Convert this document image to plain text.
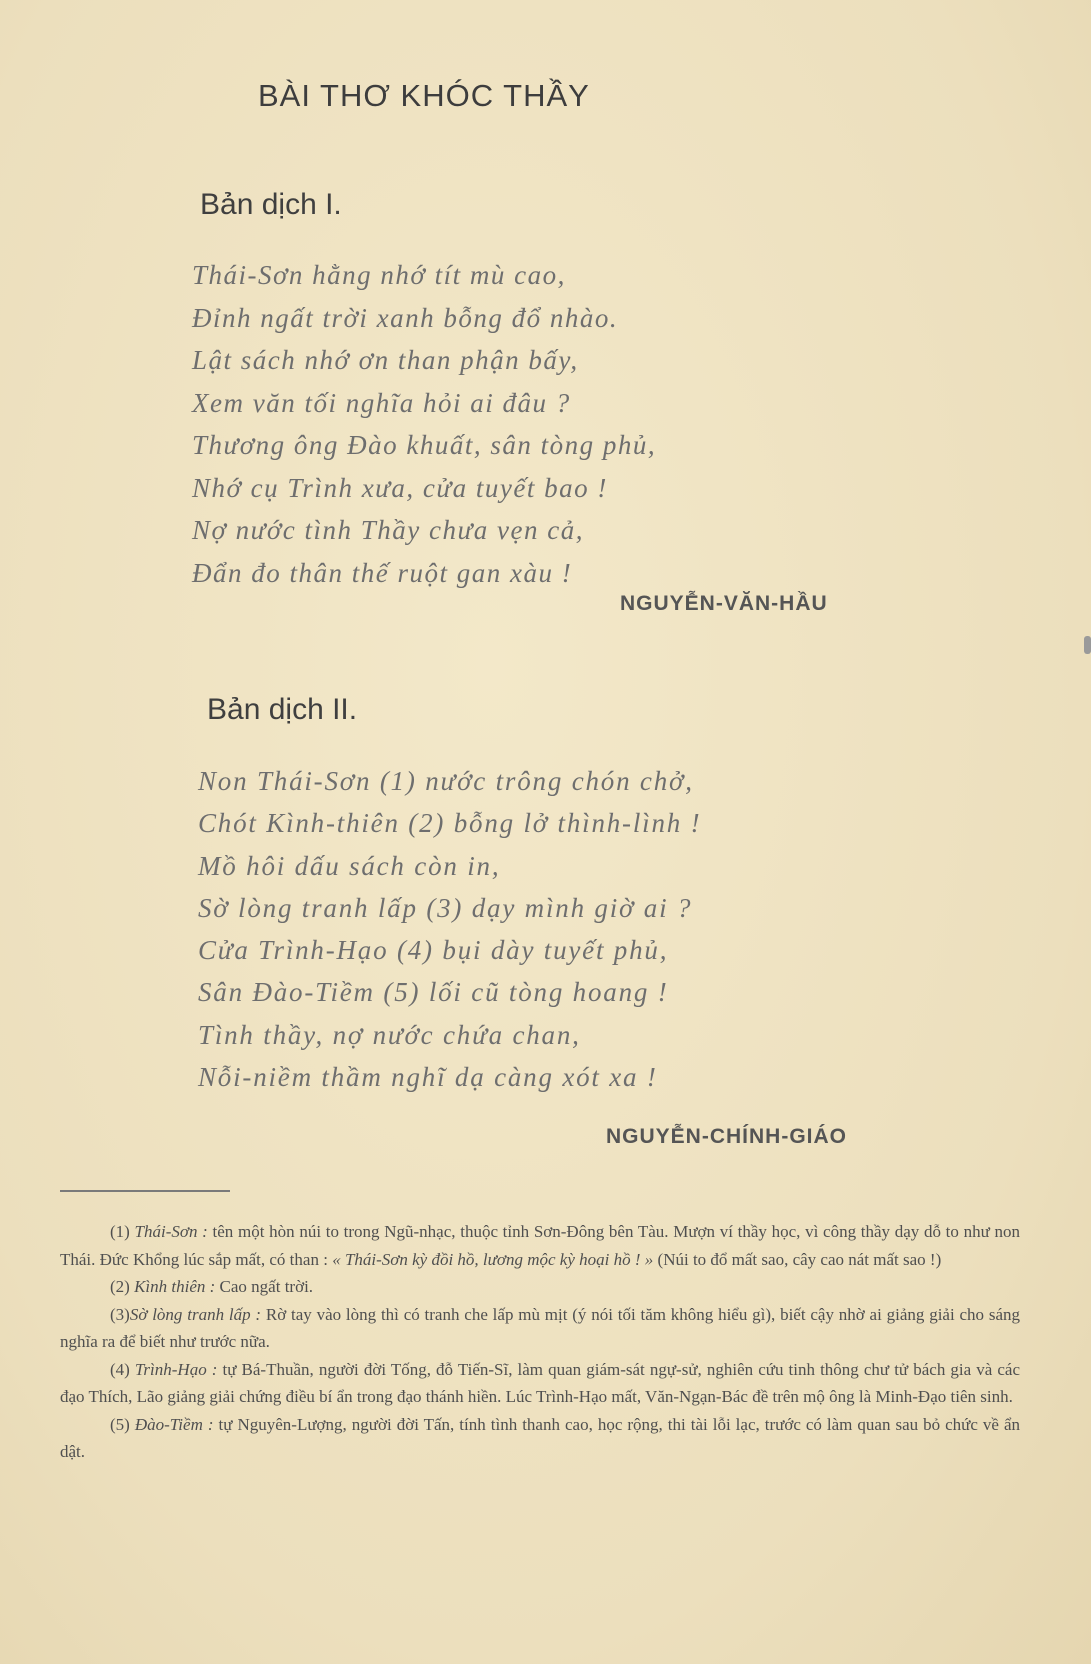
BÀI THƠ KHÓC THẦY
Bản dịch I.
Thái-Sơn hằng nhớ tít mù cao,
Đỉnh ngất trời xanh bỗng đổ nhào.
Lật sách nhớ ơn than phận bấy,
Xem văn tối nghĩa hỏi ai đâu ?
Thương ông Đào khuất, sân tòng phủ,
Nhớ cụ Trình xưa, cửa tuyết bao !
Nợ nước tình Thầy chưa vẹn cả,
Đẩn đo thân thế ruột gan xàu !
NGUYỄN-VĂN-HẦU
Bản dịch II.
Non Thái-Sơn (1) nước trông chón chở,
Chót Kình-thiên (2) bỗng lở thình-lình !
Mồ hôi dấu sách còn in,
Sờ lòng tranh lấp (3) dạy mình giờ ai ?
Cửa Trình-Hạo (4) bụi dày tuyết phủ,
Sân Đào-Tiềm (5) lối cũ tòng hoang !
Tình thầy, nợ nước chứa chan,
Nỗi-niềm thầm nghĩ dạ càng xót xa !
NGUYỄN-CHÍNH-GIÁO

(1) Thái-Sơn : tên một hòn núi to trong Ngũ-nhạc, thuộc tỉnh Sơn-Đông bên Tàu. Mượn ví thầy học, vì công thầy dạy dỗ to như non Thái. Đức Khổng lúc sắp mất, có than : « Thái-Sơn kỳ đồi hồ, lương mộc kỳ hoại hồ ! » (Núi to đổ mất sao, cây cao nát mất sao !)

(2) Kình thiên : Cao ngất trời.

(3)Sờ lòng tranh lấp : Rờ tay vào lòng thì có tranh che lấp mù mịt (ý nói tối tăm không hiểu gì), biết cậy nhờ ai giảng giải cho sáng nghĩa ra để biết như trước nữa.

(4) Trình-Hạo : tự Bá-Thuần, người đời Tống, đỗ Tiến-Sĩ, làm quan giám-sát ngự-sử, nghiên cứu tinh thông chư tử bách gia và các đạo Thích, Lão giảng giải chứng điều bí ẩn trong đạo thánh hiền. Lúc Trình-Hạo mất, Văn-Ngạn-Bác đề trên mộ ông là Minh-Đạo tiên sinh.

(5) Đào-Tiềm : tự Nguyên-Lượng, người đời Tấn, tính tình thanh cao, học rộng, thi tài lỗi lạc, trước có làm quan sau bỏ chức về ẩn dật.
